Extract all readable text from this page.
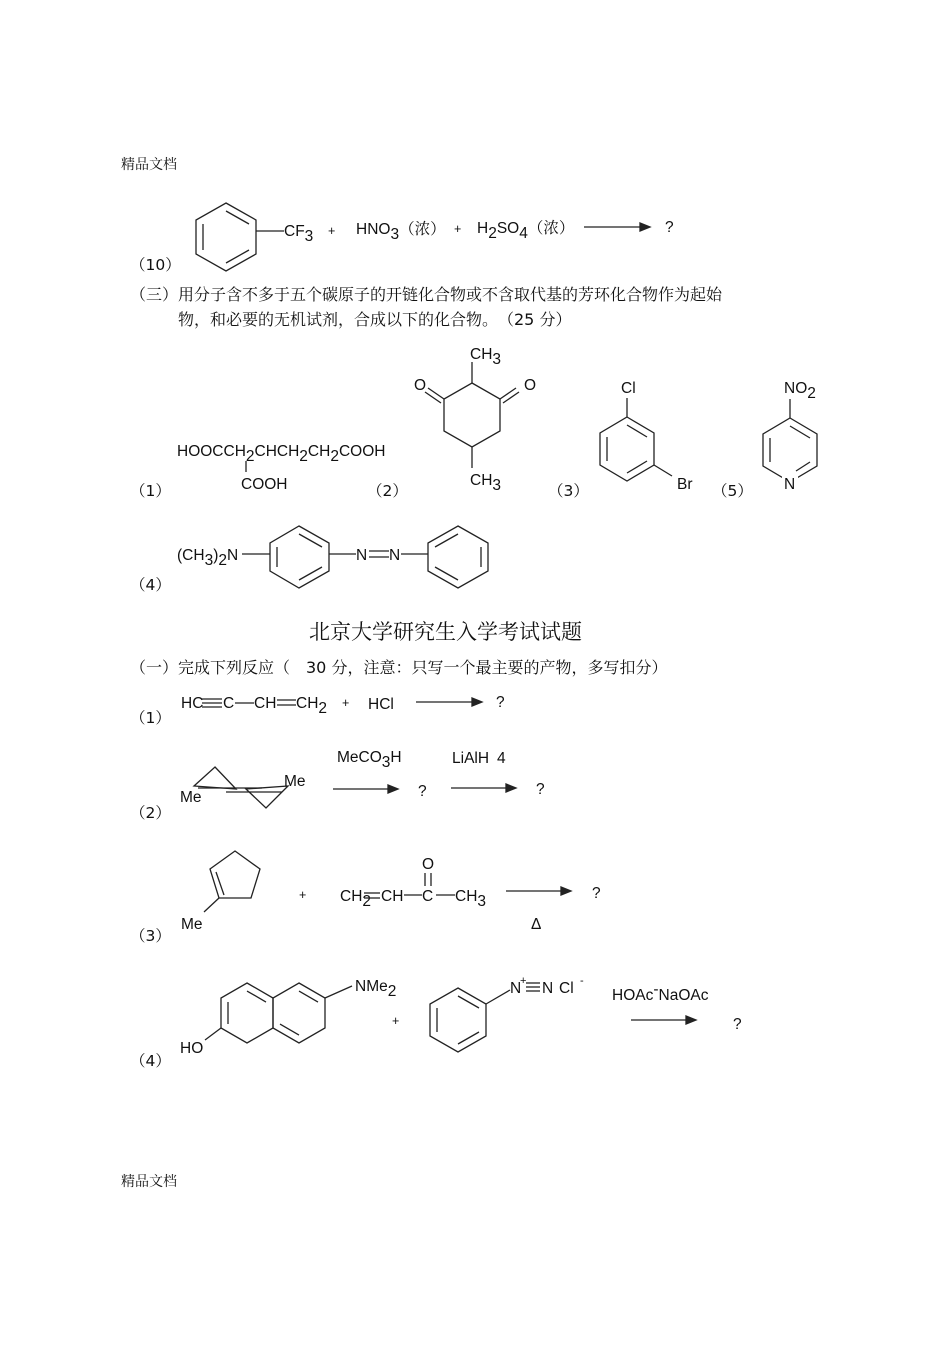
精品文档
精品文档
（10）
CF3 + HNO3（浓） + H2SO4（浓）	?
（三）用分子含不多于五个碳原子的开链化合物或不含取代基的芳环化合物作为起始
物，和必要的无机试剂，合成以下的化合物。　（25 分）
（1）	（2）	（3）	（5）
（4）
HOOCCH2CHCH2CH2COOH
COOH
CH3
O	O
CH3
Cl
Br
NO2
N
(CH3)2N	N N
北京大学研究生入学考试试题
（一）完成下列反应（　30 分，注意：只写一个最主要的产物，多写扣分）
（1）
（2）
（3）
（4）
HC C CH CH2 + HCl	?
Me
Me
MeCO3H
?
LiAlH 4
?
Me
+ CH2 CH C
O
CH3
Δ
?
NMe2
HO
+
N
+ N Cl -
HOAc-NaOAc
?
